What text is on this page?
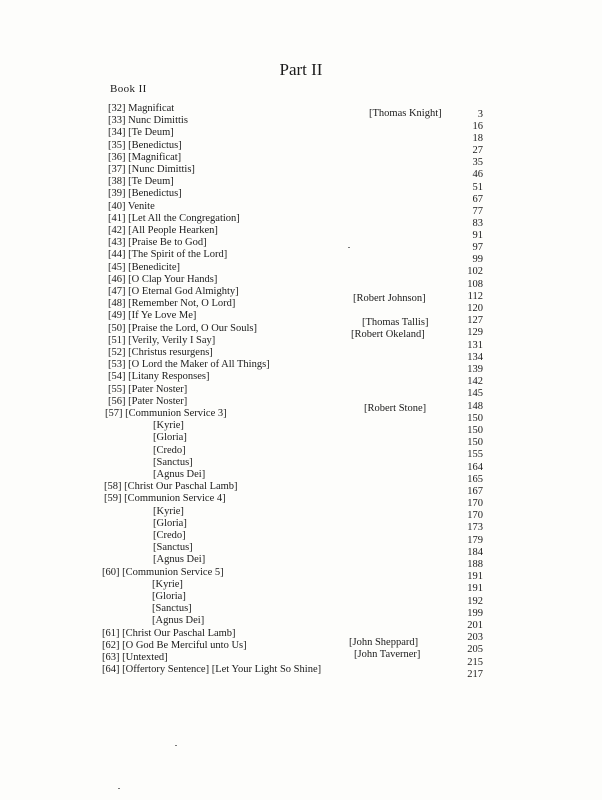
Part II
Book II
[32] Magnificat
[33] Nunc Dimittis
[34] [Te Deum]
[35] [Benedictus]
[36] [Magnificat]
[37] [Nunc Dimittis]
[38] [Te Deum]
[39] [Benedictus]
[40] Venite
[41] [Let All the Congregation]
[42] [All People Hearken]
[43] [Praise Be to God]
[44] [The Spirit of the Lord]
[45] [Benedicite]
[46] [O Clap Your Hands]
[47] [O Eternal God Almighty]
[48] [Remember Not, O Lord]
[49] [If Ye Love Me]
[50] [Praise the Lord, O Our Souls]
[51] [Verily, Verily I Say]
[52] [Christus resurgens]
[53] [O Lord the Maker of All Things]
[54] [Litany Responses]
[55] [Pater Noster]
[56] [Pater Noster]
[57] [Communion Service 3]
[Kyrie]
[Gloria]
[Credo]
[Sanctus]
[Agnus Dei]
[58] [Christ Our Paschal Lamb]
[59] [Communion Service 4]
[Kyrie]
[Gloria]
[Credo]
[Sanctus]
[Agnus Dei]
[60] [Communion Service 5]
[Kyrie]
[Gloria]
[Sanctus]
[Agnus Dei]
[61] [Christ Our Paschal Lamb]
[62] [O God Be Merciful unto Us]
[63] [Untexted]
[64] [Offertory Sentence] [Let Your Light So Shine]
[Thomas Knight]
[Robert Johnson]
[Thomas Tallis]
[Robert Okeland]
[Robert Stone]
[John Sheppard]
[John Taverner]
3
16
18
27
35
46
51
67
77
83
91
97
99
102
108
112
120
127
129
131
134
139
142
145
148
150
150
150
155
164
165
167
170
170
173
179
184
188
191
191
192
199
201
203
205
215
217
